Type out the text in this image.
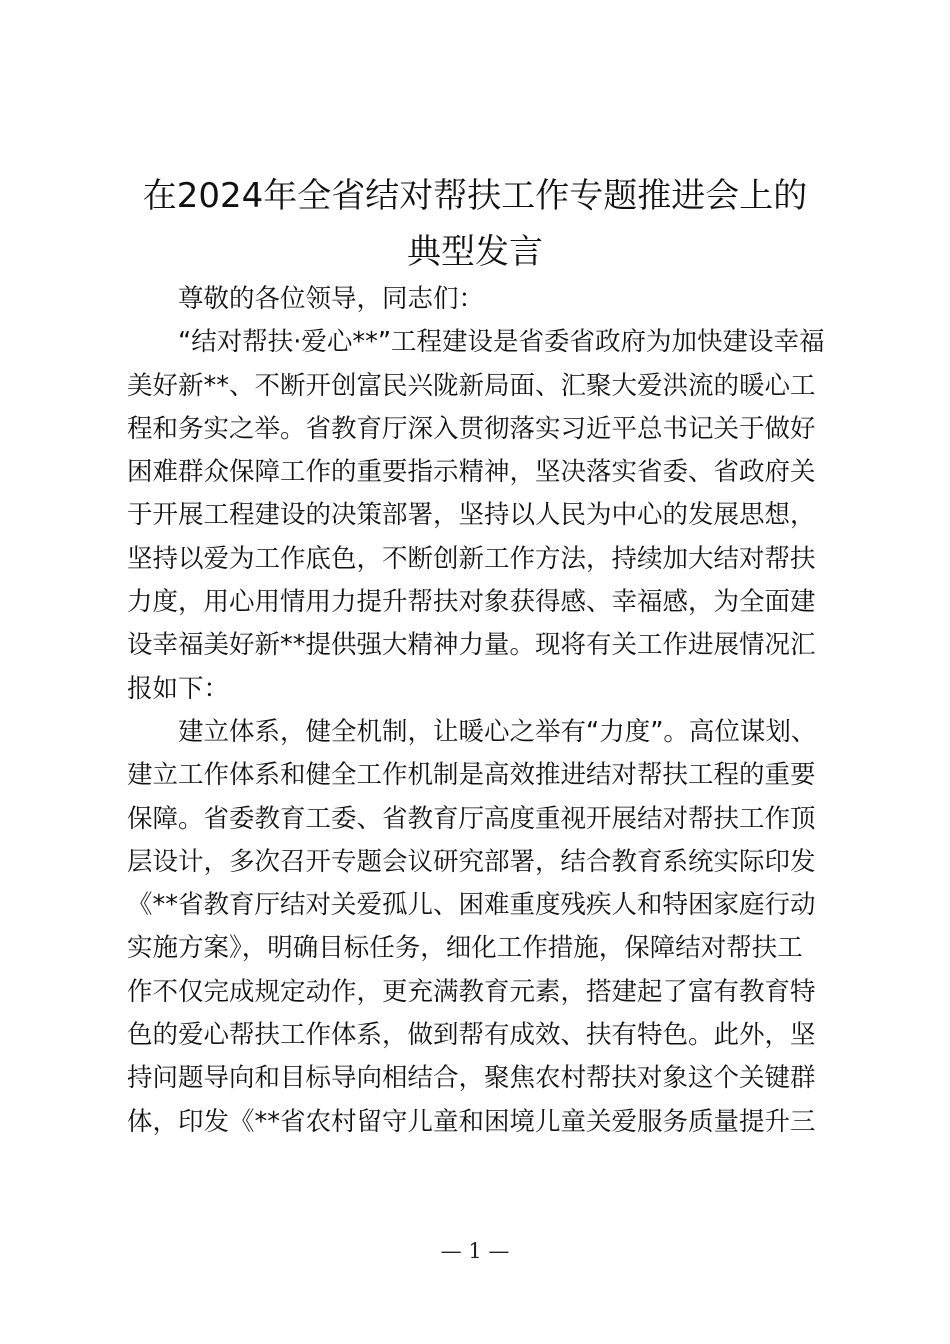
在2024年全省结对帮扶工作专题推进会上的
典型发言
尊敬的各位领导，同志们：
“结对帮扶·爱心**”工程建设是省委省政府为加快建设幸福
美好新**、不断开创富民兴陇新局面、汇聚大爱洪流的暖心工
程和务实之举。省教育厅深入贯彻落实习近平总书记关于做好
困难群众保障工作的重要指示精神，坚决落实省委、省政府关
于开展工程建设的决策部署，坚持以人民为中心的发展思想，
坚持以爱为工作底色，不断创新工作方法，持续加大结对帮扶
力度，用心用情用力提升帮扶对象获得感、幸福感，为全面建
设幸福美好新**提供强大精神力量。现将有关工作进展情况汇
报如下：
建立体系，健全机制，让暖心之举有“力度”。高位谋划、
建立工作体系和健全工作机制是高效推进结对帮扶工程的重要
保障。省委教育工委、省教育厅高度重视开展结对帮扶工作顶
层设计，多次召开专题会议研究部署，结合教育系统实际印发
《**省教育厅结对关爱孤儿、困难重度残疾人和特困家庭行动
实施方案》，明确目标任务，细化工作措施，保障结对帮扶工
作不仅完成规定动作，更充满教育元素，搭建起了富有教育特
色的爱心帮扶工作体系，做到帮有成效、扶有特色。此外，坚
持问题导向和目标导向相结合，聚焦农村帮扶对象这个关键群
体，印发《**省农村留守儿童和困境儿童关爱服务质量提升三
— 1 —
